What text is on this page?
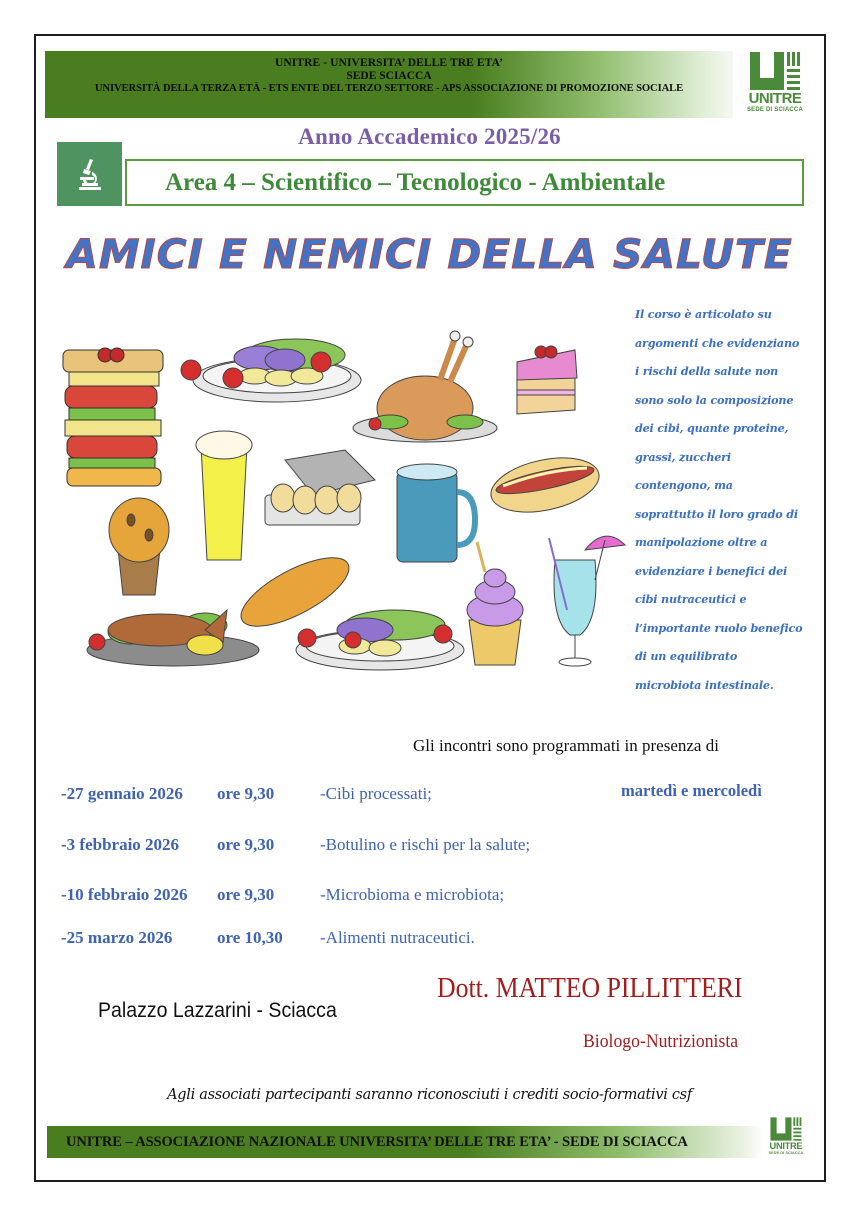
UNITRE - UNIVERSITA’ DELLE TRE ETA’
SEDE SCIACCA
UNIVERSITÀ DELLA TERZA ETÀ - ETS ENTE DEL TERZO SETTORE - APS ASSOCIAZIONE DI PROMOZIONE SOCIALE
UNITRE
SEDE DI SCIACCA
Anno Accademico 2025/26
Area 4 – Scientifico – Tecnologico - Ambientale
AMICI E NEMICI DELLA SALUTE
Il corso è articolato su
argomenti che evidenziano
i rischi della salute non
sono solo la composizione
dei cibi, quante proteine,
grassi, zuccheri
contengono, ma
soprattutto il loro grado di
manipolazione oltre a
evidenziare i benefici dei
cibi nutraceutici e
l’importante ruolo benefico
di un equilibrato
microbiota intestinale.
Gli incontri sono programmati in presenza di
martedì e mercoledì
-27 gennaio 2026 ore 9,30	-Cibi processati;
-3 febbraio 2026 ore 9,30	-Botulino e rischi per la salute;
-10 febbraio 2026 ore 9,30	-Microbioma e microbiota;
-25 marzo 2026	ore 10,30 -Alimenti nutraceutici.
Palazzo Lazzarini - Sciacca
Dott. MATTEO PILLITTERI
Biologo-Nutrizionista
Agli associati partecipanti saranno riconosciuti i crediti socio-formativi csf
UNITRE – ASSOCIAZIONE NAZIONALE UNIVERSITA’ DELLE TRE ETA’ - SEDE DI SCIACCA	UNITRE
SEDE DI SCIACCA
